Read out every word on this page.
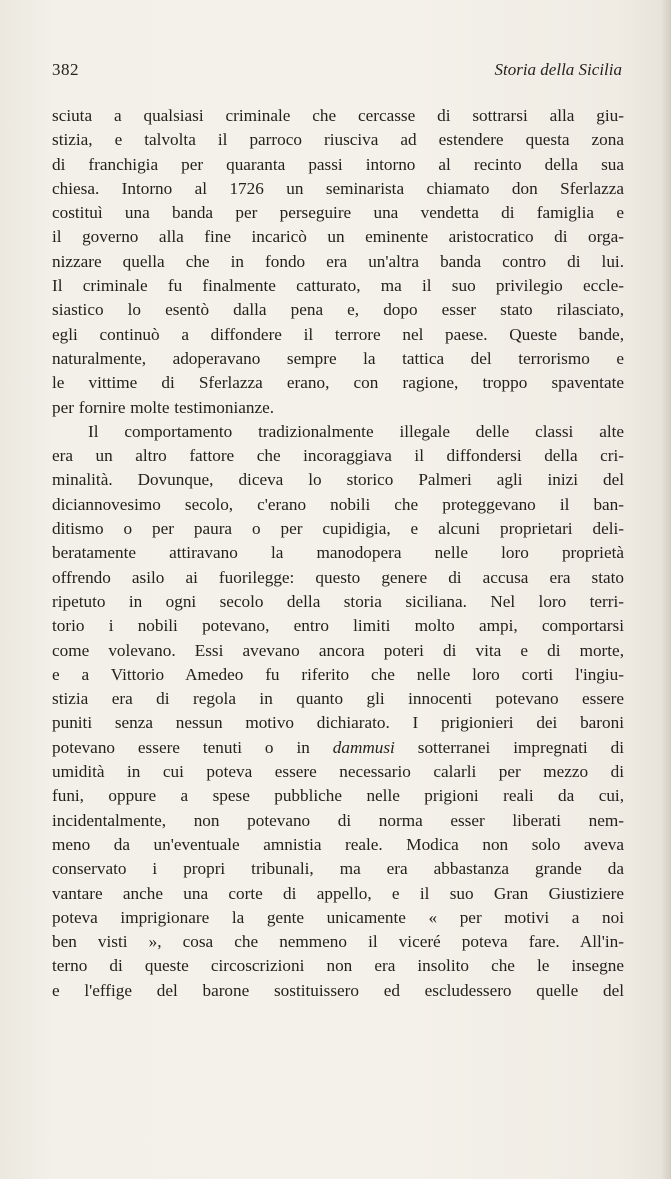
382	Storia della Sicilia
sciuta a qualsiasi criminale che cercasse di sottrarsi alla giu-
stizia, e talvolta il parroco riusciva ad estendere questa zona
di franchigia per quaranta passi intorno al recinto della sua
chiesa. Intorno al 1726 un seminarista chiamato don Sferlazza
costituì una banda per perseguire una vendetta di famiglia e
il governo alla fine incaricò un eminente aristocratico di orga-
nizzare quella che in fondo era un'altra banda contro di lui.
Il criminale fu finalmente catturato, ma il suo privilegio eccle-
siastico lo esentò dalla pena e, dopo esser stato rilasciato,
egli continuò a diffondere il terrore nel paese. Queste bande,
naturalmente, adoperavano sempre la tattica del terrorismo e
le vittime di Sferlazza erano, con ragione, troppo spaventate
per fornire molte testimonianze.
Il comportamento tradizionalmente illegale delle classi alte
era un altro fattore che incoraggiava il diffondersi della cri-
minalità. Dovunque, diceva lo storico Palmeri agli inizi del
diciannovesimo secolo, c'erano nobili che proteggevano il ban-
ditismo o per paura o per cupidigia, e alcuni proprietari deli-
beratamente attiravano la manodopera nelle loro proprietà
offrendo asilo ai fuorilegge: questo genere di accusa era stato
ripetuto in ogni secolo della storia siciliana. Nel loro terri-
torio i nobili potevano, entro limiti molto ampi, comportarsi
come volevano. Essi avevano ancora poteri di vita e di morte,
e a Vittorio Amedeo fu riferito che nelle loro corti l'ingiu-
stizia era di regola in quanto gli innocenti potevano essere
puniti senza nessun motivo dichiarato. I prigionieri dei baroni
potevano essere tenuti o in dammusi sotterranei impregnati di
umidità in cui poteva essere necessario calarli per mezzo di
funi, oppure a spese pubbliche nelle prigioni reali da cui,
incidentalmente, non potevano di norma esser liberati nem-
meno da un'eventuale amnistia reale. Modica non solo aveva
conservato i propri tribunali, ma era abbastanza grande da
vantare anche una corte di appello, e il suo Gran Giustiziere
poteva imprigionare la gente unicamente « per motivi a noi
ben visti », cosa che nemmeno il viceré poteva fare. All'in-
terno di queste circoscrizioni non era insolito che le insegne
e l'effige del barone sostituissero ed escludessero quelle del
